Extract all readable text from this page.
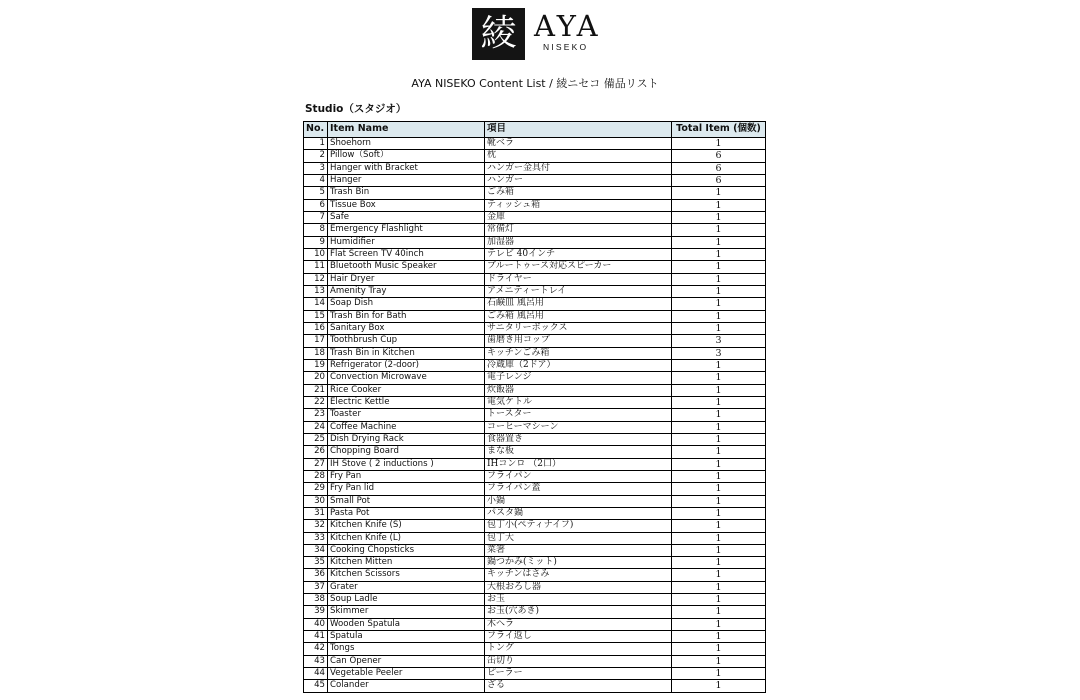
綾 AYA
NISEKO
AYA NISEKO Content List / 綾ニセコ 備品リスト
Studio（スタジオ）
No. Item Name	項目	Total Item (個数)
1 Shoehorn	靴ベラ	1
2 Pillow（Soft）	枕	6
3 Hanger with Bracket	ハンガー金具付	6
4 Hanger	ハンガー	6
5 Trash Bin	ごみ箱	1
6 Tissue Box	ティッシュ箱	1
7 Safe	金庫	1
8 Emergency Flashlight	常備灯	1
9 Humidifier	加湿器	1
10 Flat Screen TV 40inch	テレビ 40インチ	1
11 Bluetooth Music Speaker	ブルートゥース対応スピーカー	1
12 Hair Dryer	ドライヤー	1
13 Amenity Tray	アメニティートレイ	1
14 Soap Dish	石鹸皿 風呂用	1
15 Trash Bin for Bath	ごみ箱 風呂用	1
16 Sanitary Box	サニタリーボックス	1
17 Toothbrush Cup	歯磨き用コップ	3
18 Trash Bin in Kitchen	キッチンごみ箱	3
19 Refrigerator (2-door)	冷蔵庫（2ドア）	1
20 Convection Microwave	電子レンジ	1
21 Rice Cooker	炊飯器	1
22 Electric Kettle	電気ケトル	1
23 Toaster	トースター	1
24 Coffee Machine	コーヒーマシーン	1
25 Dish Drying Rack	食器置き	1
26 Chopping Board	まな板	1
27 IH Stove ( 2 inductions )	IHコンロ （2口）	1
28 Fry Pan	フライパン	1
29 Fry Pan lid	フライパン蓋	1
30 Small Pot	小鍋	1
31 Pasta Pot	パスタ鍋	1
32 Kitchen Knife (S)	包丁小(ペティナイフ)	1
33 Kitchen Knife (L)	包丁大	1
34 Cooking Chopsticks	菜箸	1
35 Kitchen Mitten	鍋つかみ(ミット)	1
36 Kitchen Scissors	キッチンはさみ	1
37 Grater	大根おろし器	1
38 Soup Ladle	お玉	1
39 Skimmer	お玉(穴あき)	1
40 Wooden Spatula	木ヘラ	1
41 Spatula	フライ返し	1
42 Tongs	トング	1
43 Can Opener	缶切り	1
44 Vegetable Peeler	ピーラー	1
45 Colander	ざる	1
